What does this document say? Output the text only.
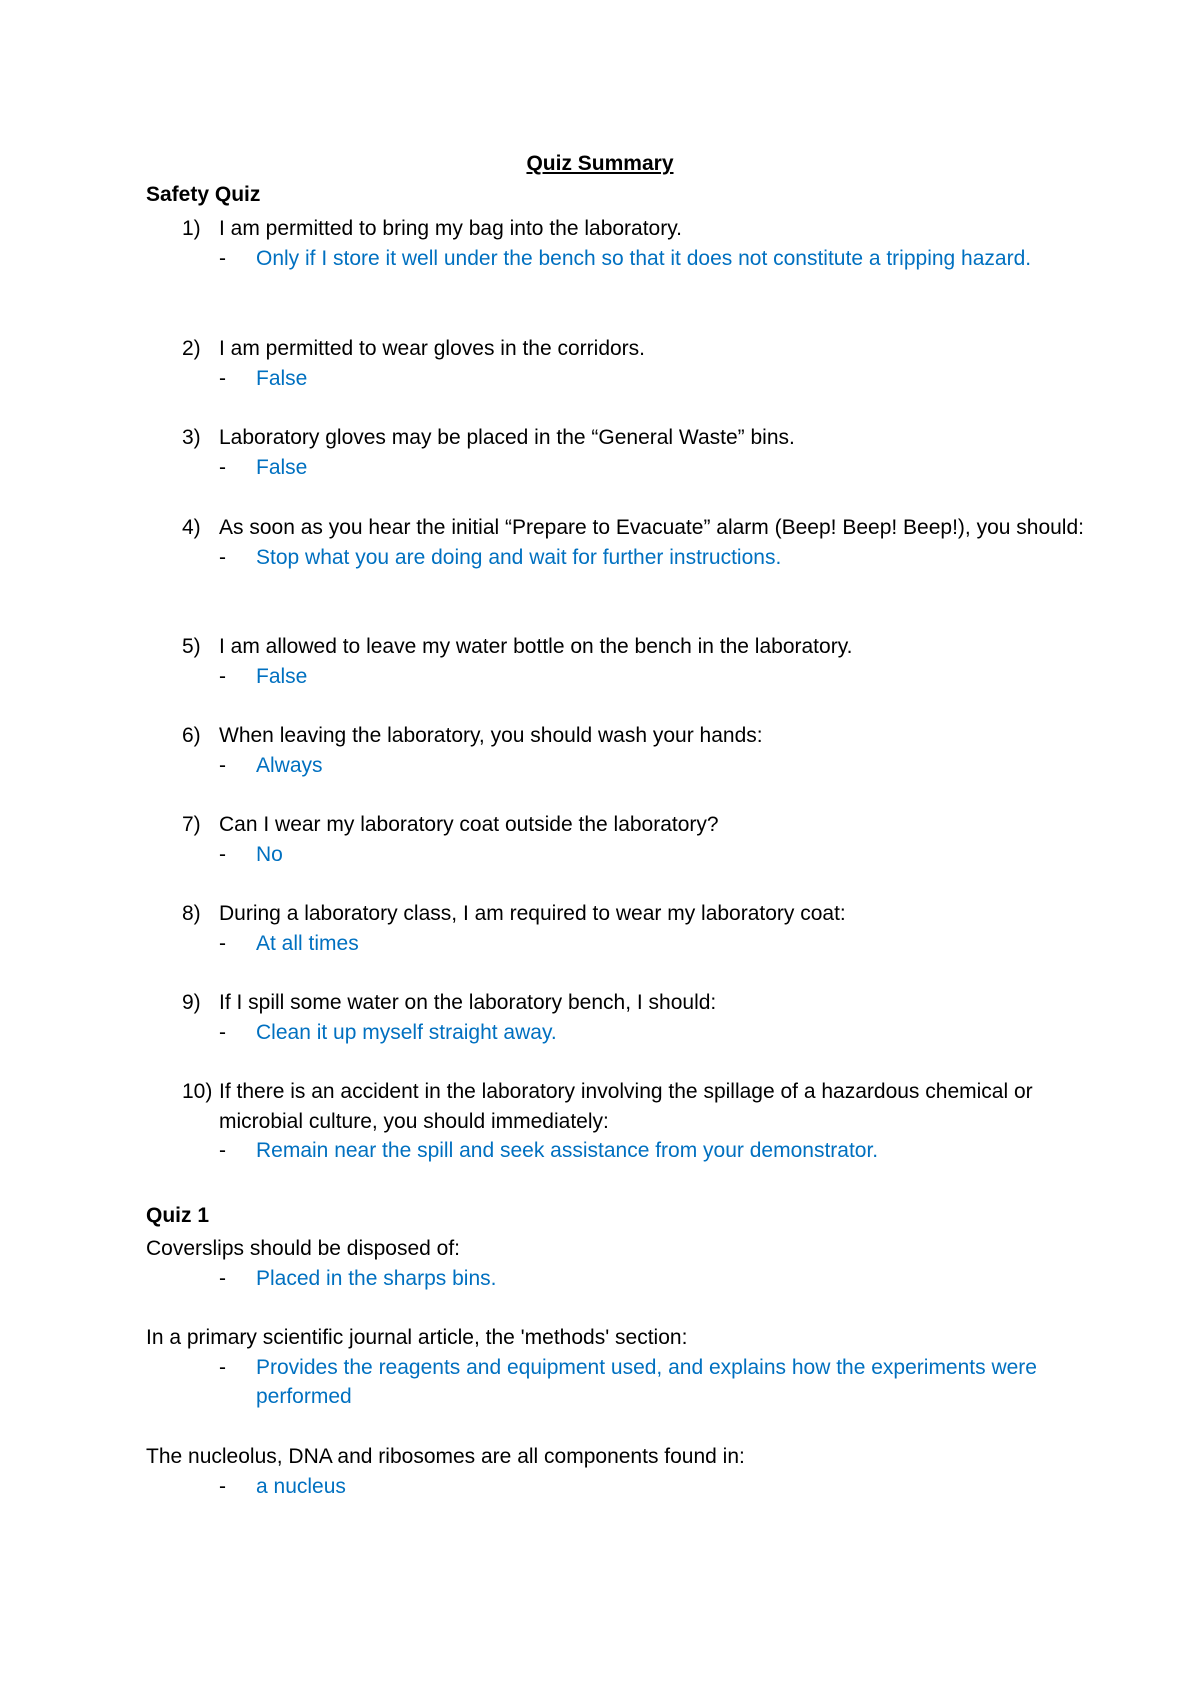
Quiz Summary
Safety Quiz
1) I am permitted to bring my bag into the laboratory.
- Only if I store it well under the bench so that it does not constitute a tripping hazard.
2) I am permitted to wear gloves in the corridors.
- False
3) Laboratory gloves may be placed in the “General Waste” bins.
- False
4) As soon as you hear the initial “Prepare to Evacuate” alarm (Beep! Beep! Beep!), you should:
- Stop what you are doing and wait for further instructions.
5) I am allowed to leave my water bottle on the bench in the laboratory.
- False
6) When leaving the laboratory, you should wash your hands:
- Always
7) Can I wear my laboratory coat outside the laboratory?
- No
8) During a laboratory class, I am required to wear my laboratory coat:
- At all times
9) If I spill some water on the laboratory bench, I should:
- Clean it up myself straight away.
10) If there is an accident in the laboratory involving the spillage of a hazardous chemical or microbial culture, you should immediately:
- Remain near the spill and seek assistance from your demonstrator.
Quiz 1
Coverslips should be disposed of:
- Placed in the sharps bins.
In a primary scientific journal article, the 'methods' section:
- Provides the reagents and equipment used, and explains how the experiments were performed
The nucleolus, DNA and ribosomes are all components found in:
- a nucleus
